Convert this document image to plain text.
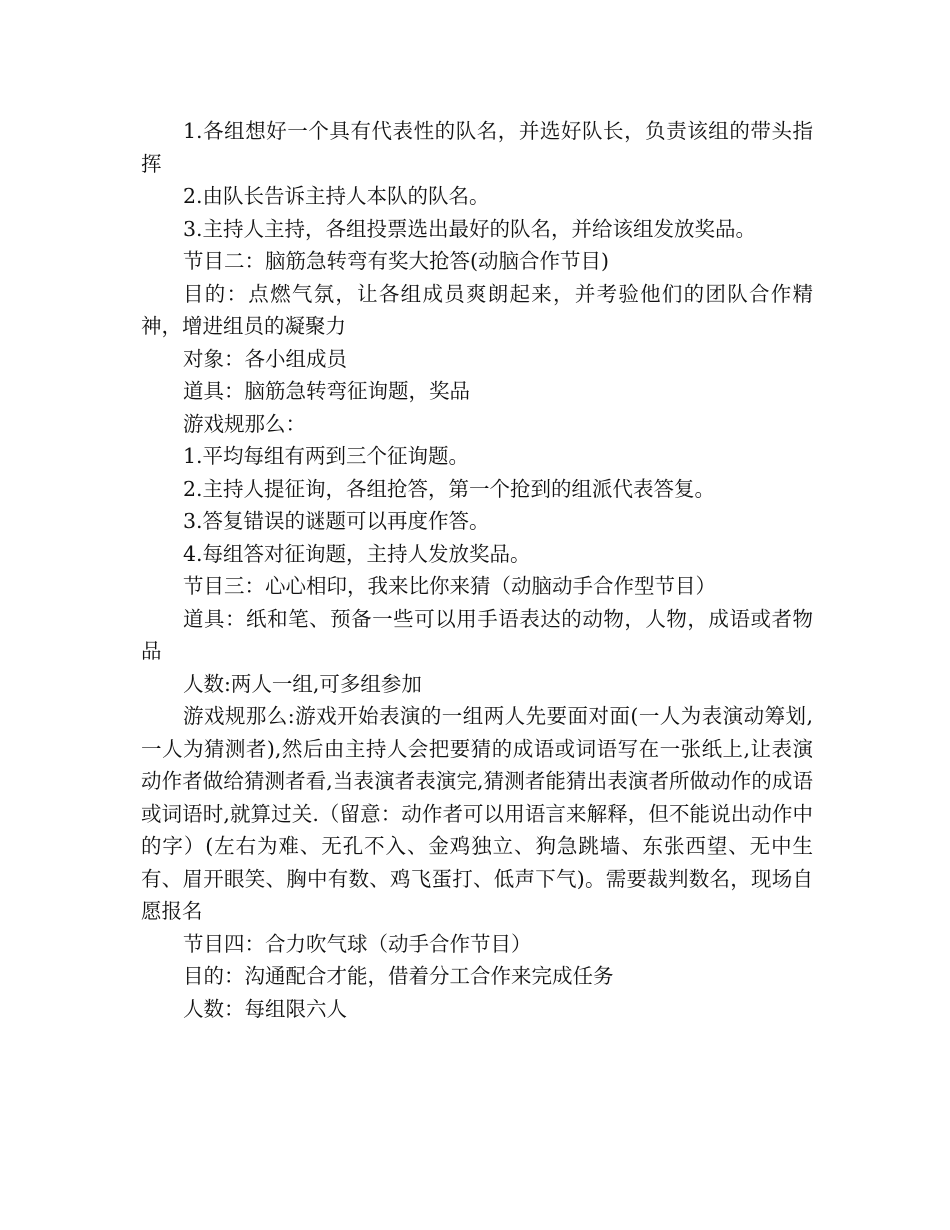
1.各组想好一个具有代表性的队名，并选好队长，负责该组的带头指挥

2.由队长告诉主持人本队的队名。

3.主持人主持，各组投票选出最好的队名，并给该组发放奖品。

节目二：脑筋急转弯有奖大抢答(动脑合作节目)

目的：点燃气氛，让各组成员爽朗起来，并考验他们的团队合作精神，增进组员的凝聚力

对象：各小组成员

道具：脑筋急转弯征询题，奖品

游戏规那么：

1.平均每组有两到三个征询题。

2.主持人提征询，各组抢答，第一个抢到的组派代表答复。

3.答复错误的谜题可以再度作答。

4.每组答对征询题，主持人发放奖品。

节目三：心心相印，我来比你来猜（动脑动手合作型节目）

道具：纸和笔、预备一些可以用手语表达的动物，人物，成语或者物品

人数:两人一组,可多组参加

游戏规那么:游戏开始表演的一组两人先要面对面(一人为表演动筹划,一人为猜测者),然后由主持人会把要猜的成语或词语写在一张纸上,让表演动作者做给猜测者看,当表演者表演完,猜测者能猜出表演者所做动作的成语或词语时,就算过关.（留意：动作者可以用语言来解释，但不能说出动作中的字）(左右为难、无孔不入、金鸡独立、狗急跳墙、东张西望、无中生有、眉开眼笑、胸中有数、鸡飞蛋打、低声下气)。需要裁判数名，现场自愿报名

节目四：合力吹气球（动手合作节目）

目的：沟通配合才能，借着分工合作来完成任务

人数：每组限六人
